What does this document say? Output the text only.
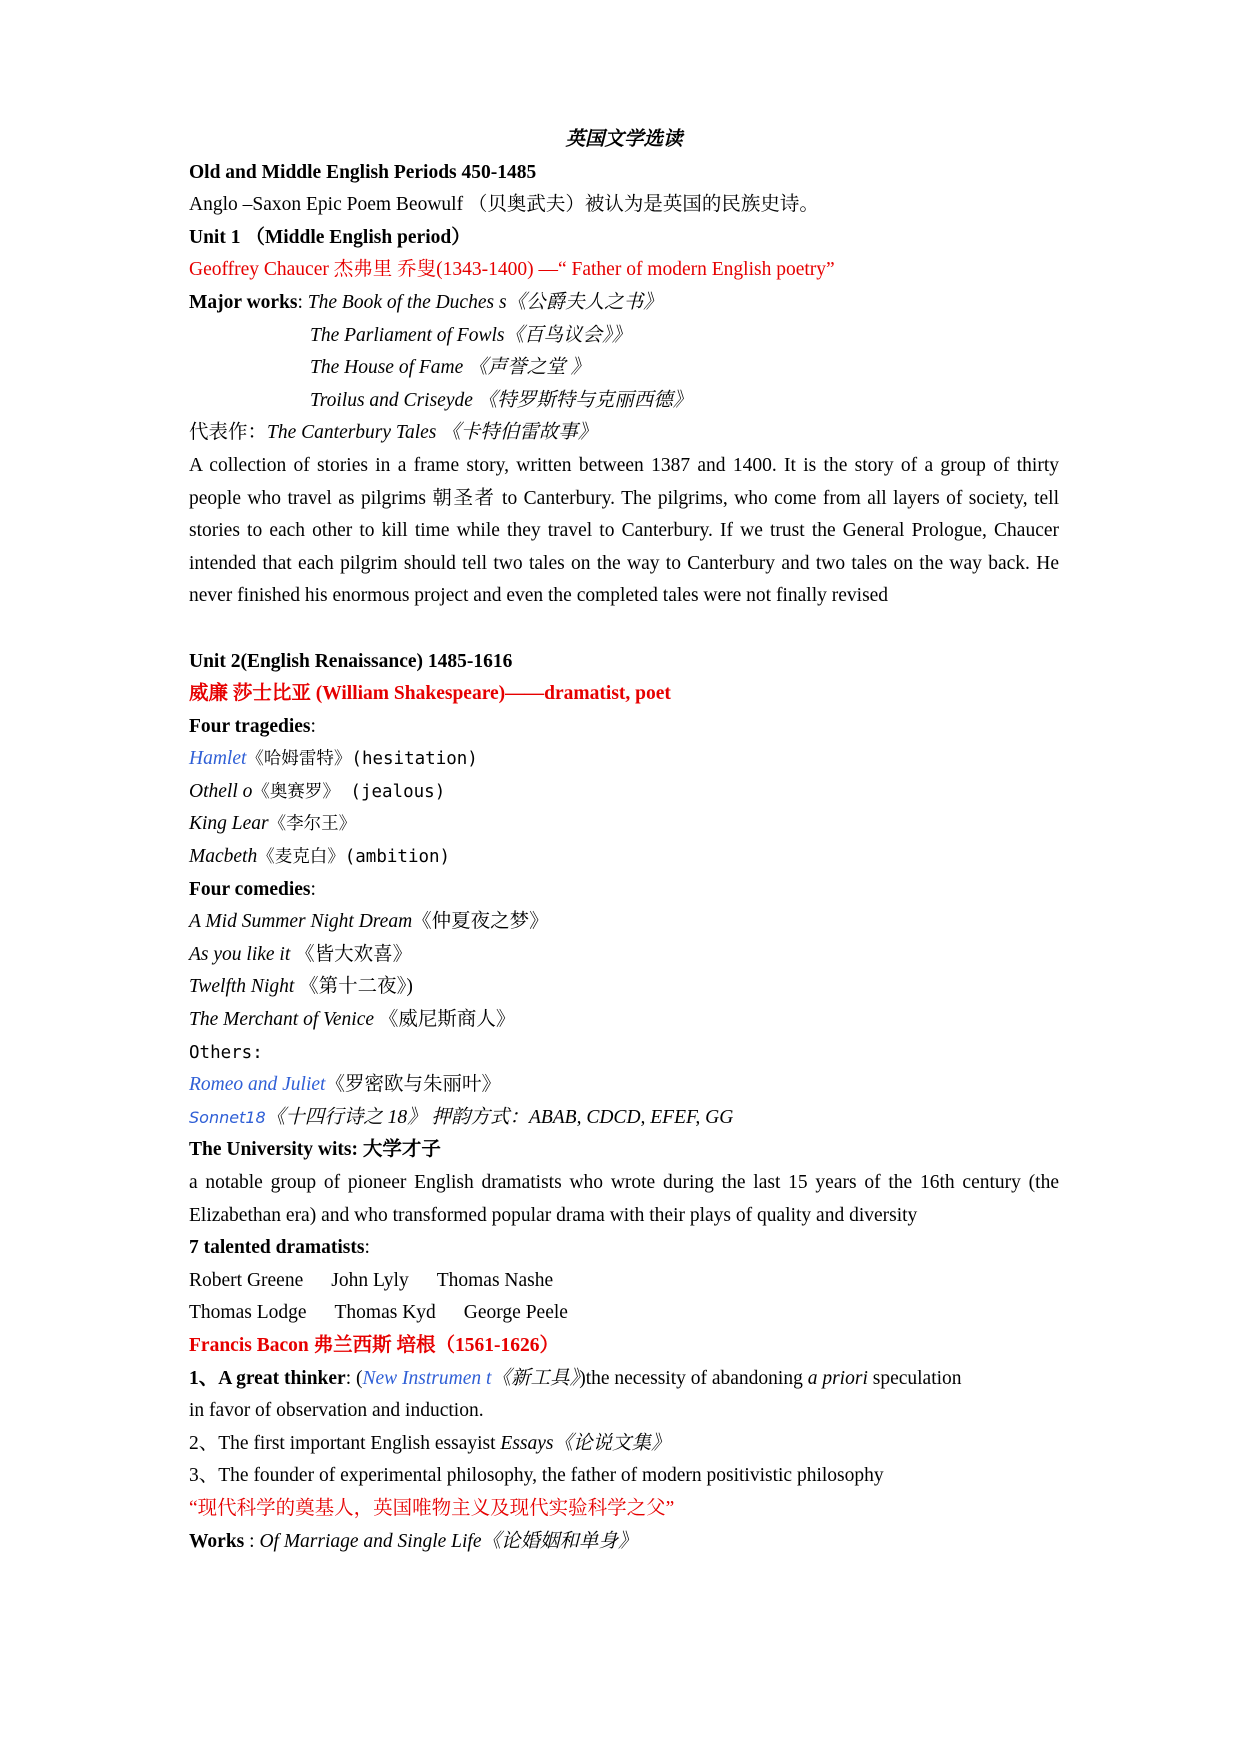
英国文学选读
Old and Middle English Periods 450-1485
Anglo –Saxon Epic Poem Beowulf （贝奥武夫）被认为是英国的民族史诗。
Unit 1 （Middle English period）
Geoffrey Chaucer 杰弗里 乔叟(1343-1400) —“ Father of modern English poetry”
Major works: The Book of the Duches s《公爵夫人之书》
The Parliament of Fowls《百鸟议会》》
The House of Fame 《声誉之堂 》
Troilus and Criseyde 《特罗斯特与克丽西德》
代表作：The Canterbury Tales 《卡特伯雷故事》
A collection of stories in a frame story, written between 1387 and 1400. It is the story of a group of thirty people who travel as pilgrims 朝圣者 to Canterbury. The pilgrims, who come from all layers of society, tell stories to each other to kill time while they travel to Canterbury. If we trust the General Prologue, Chaucer intended that each pilgrim should tell two tales on the way to Canterbury and two tales on the way back. He never finished his enormous project and even the completed tales were not finally revised
Unit 2(English Renaissance) 1485-1616
威廉 莎士比亚 (William Shakespeare)——dramatist, poet
Four tragedies:
Hamlet《哈姆雷特》(hesitation)
Othell o《奥赛罗》 (jealous)
King Lear《李尔王》
Macbeth《麦克白》(ambition)
Four comedies:
A Mid Summer Night Dream《仲夏夜之梦》
As you like it 《皆大欢喜》
Twelfth Night 《第十二夜》)
The Merchant of Venice 《威尼斯商人》
Others:
Romeo and Juliet《罗密欧与朱丽叶》
Sonnet18《十四行诗之 18》 押韵方式：ABAB, CDCD, EFEF, GG
The University wits: 大学才子
a notable group of pioneer English dramatists who wrote during the last 15 years of the 16th century (the Elizabethan era) and who transformed popular drama with their plays of quality and diversity
7 talented dramatists:
Robert Greene John Lyly Thomas Nashe
Thomas Lodge Thomas Kyd George Peele
Francis Bacon 弗兰西斯 培根（1561-1626）
1、A great thinker: (New Instrumen t《新工具》)the necessity of abandoning a priori speculation
in favor of observation and induction.
2、The first important English essayist Essays《论说文集》
3、The founder of experimental philosophy, the father of modern positivistic philosophy
“现代科学的奠基人，英国唯物主义及现代实验科学之父”
Works : Of Marriage and Single Life《论婚姻和单身》
